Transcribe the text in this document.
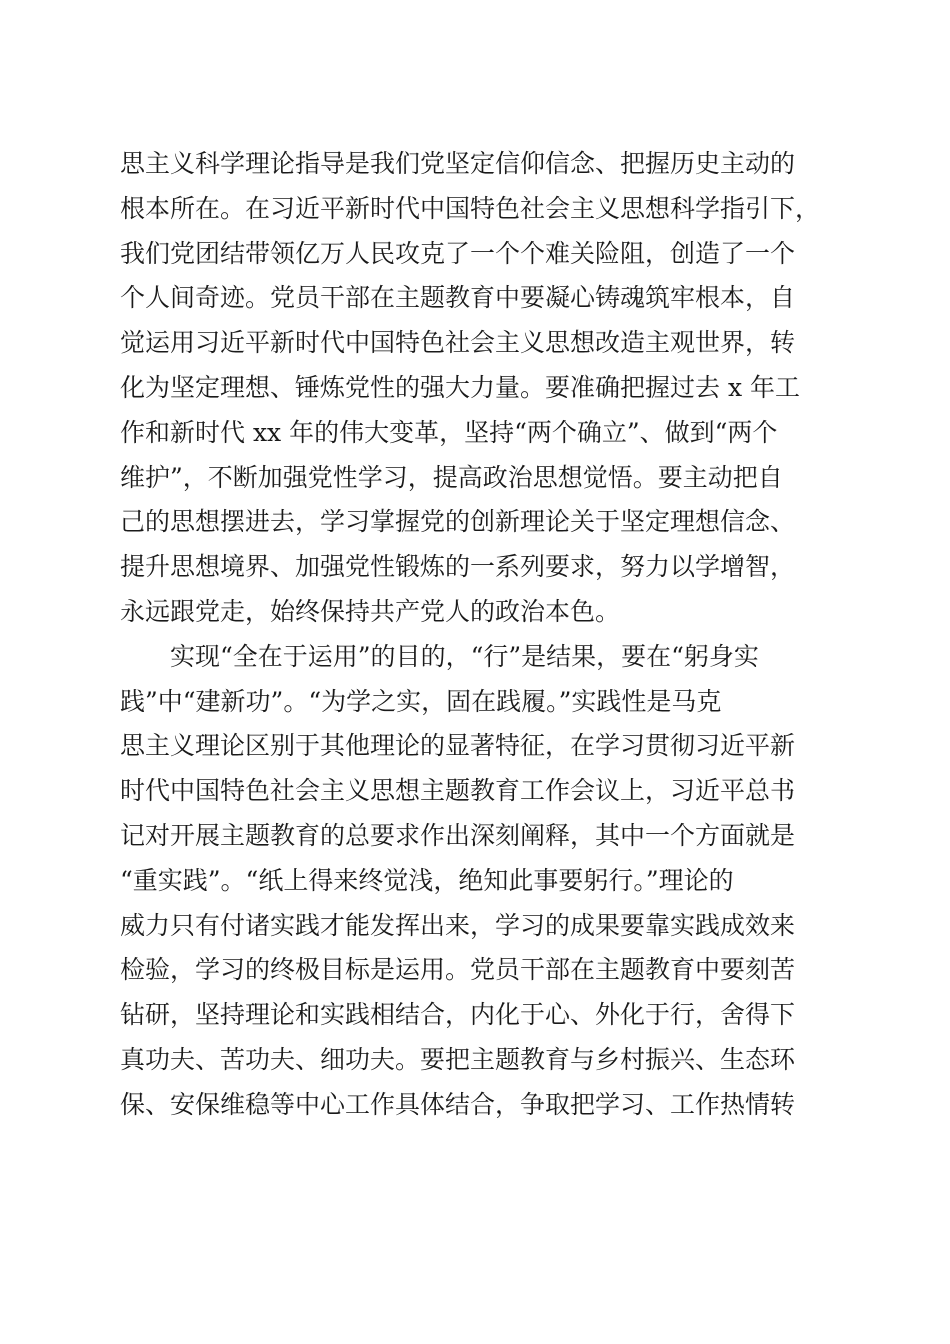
思主义科学理论指导是我们党坚定信仰信念、把握历史主动的
根本所在。在习近平新时代中国特色社会主义思想科学指引下，
我们党团结带领亿万人民攻克了一个个难关险阻，创造了一个
个人间奇迹。党员干部在主题教育中要凝心铸魂筑牢根本，自
觉运用习近平新时代中国特色社会主义思想改造主观世界，转
化为坚定理想、锤炼党性的强大力量。要准确把握过去 x 年工
作和新时代 xx 年的伟大变革，坚持“两个确立”、做到“两个
维护”，不断加强党性学习，提高政治思想觉悟。要主动把自
己的思想摆进去，学习掌握党的创新理论关于坚定理想信念、
提升思想境界、加强党性锻炼的一系列要求，努力以学增智，
永远跟党走，始终保持共产党人的政治本色。
　　实现“全在于运用”的目的，“行”是结果，要在“躬身实
践”中“建新功”。“为学之实，固在践履。”实践性是马克
思主义理论区别于其他理论的显著特征，在学习贯彻习近平新
时代中国特色社会主义思想主题教育工作会议上，习近平总书
记对开展主题教育的总要求作出深刻阐释，其中一个方面就是
“重实践”。“纸上得来终觉浅，绝知此事要躬行。”理论的
威力只有付诸实践才能发挥出来，学习的成果要靠实践成效来
检验，学习的终极目标是运用。党员干部在主题教育中要刻苦
钻研，坚持理论和实践相结合，内化于心、外化于行，舍得下
真功夫、苦功夫、细功夫。要把主题教育与乡村振兴、生态环
保、安保维稳等中心工作具体结合，争取把学习、工作热情转
